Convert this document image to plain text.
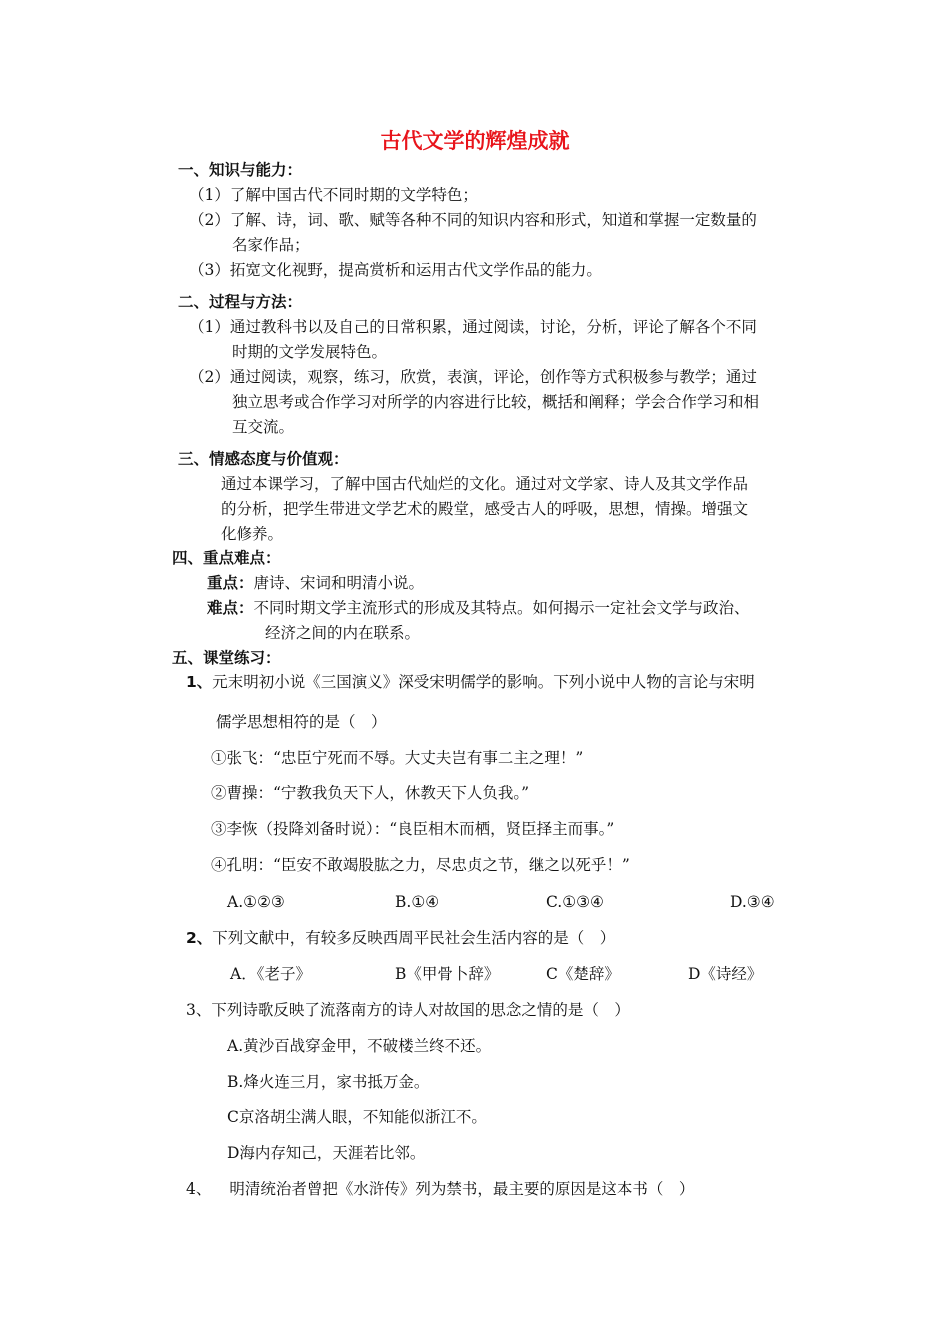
古代文学的辉煌成就
一、知识与能力：
（1）了解中国古代不同时期的文学特色；
（2）了解、诗，词、歌、赋等各种不同的知识内容和形式，知道和掌握一定数量的
名家作品；
（3）拓宽文化视野，提高赏析和运用古代文学作品的能力。
二、过程与方法：
（1）通过教科书以及自己的日常积累，通过阅读，讨论，分析，评论了解各个不同
时期的文学发展特色。
（2）通过阅读，观察，练习，欣赏，表演，评论，创作等方式积极参与教学；通过
独立思考或合作学习对所学的内容进行比较，概括和阐释；学会合作学习和相
互交流。
三、情感态度与价值观：
通过本课学习，了解中国古代灿烂的文化。通过对文学家、诗人及其文学作品
的分析，把学生带进文学艺术的殿堂，感受古人的呼吸，思想，情操。增强文
化修养。
四、重点难点：
重点：唐诗、宋词和明清小说。
难点：不同时期文学主流形式的形成及其特点。如何揭示一定社会文学与政治、
经济之间的内在联系。
五、课堂练习：
1、元末明初小说《三国演义》深受宋明儒学的影响。下列小说中人物的言论与宋明
儒学思想相符的是（　）
①张飞：“忠臣宁死而不辱。大丈夫岂有事二主之理！”
②曹操：“宁教我负天下人，休教天下人负我。”
③李恢（投降刘备时说）：“良臣相木而栖，贤臣择主而事。”
④孔明：“臣安不敢竭股肱之力，尽忠贞之节，继之以死乎！”
A.①②③	B.①④	C.①③④	D.③④
2、下列文献中，有较多反映西周平民社会生活内容的是（　）
A．《老子》	B《甲骨卜辞》	C《楚辞》	D《诗经》
3、下列诗歌反映了流落南方的诗人对故国的思念之情的是（　）
A.黄沙百战穿金甲，不破楼兰终不还。
B.烽火连三月，家书抵万金。
C京洛胡尘满人眼，不知能似浙江不。
D海内存知己，天涯若比邻。
4、 明清统治者曾把《水浒传》列为禁书，最主要的原因是这本书（　）
